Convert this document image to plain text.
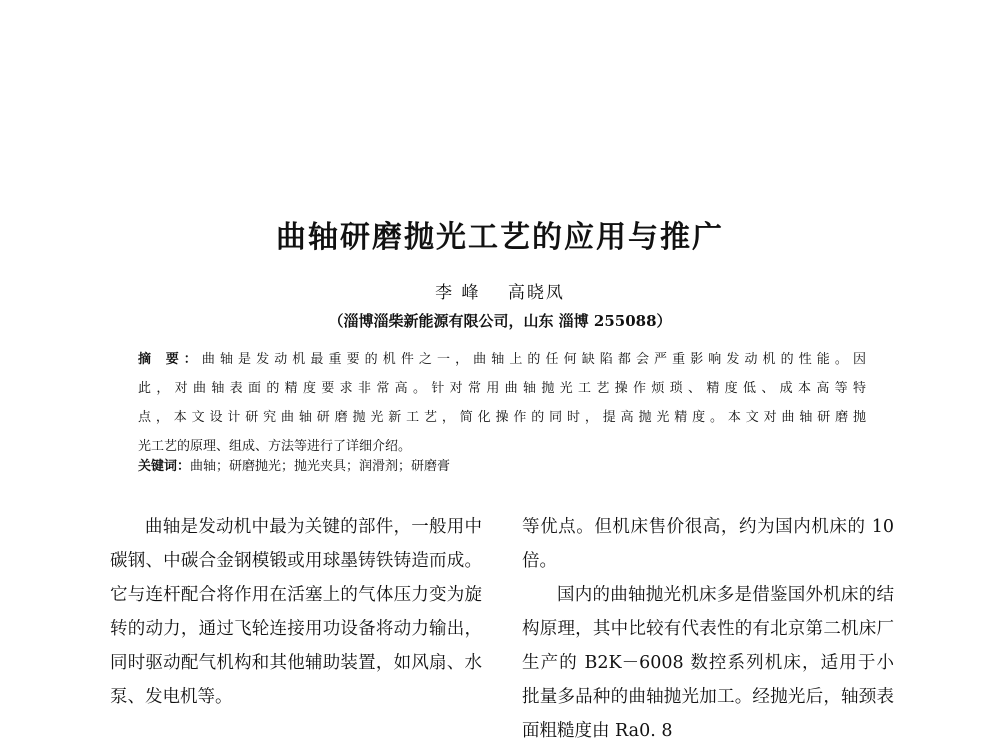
曲轴研磨抛光工艺的应用与推广
李 峰 高晓凤
（淄博淄柴新能源有限公司，山东 淄博 255088）

摘 要：曲轴是发动机最重要的机件之一，曲轴上的任何缺陷都会严重影响发动机的性能。因

此，对曲轴表面的精度要求非常高。针对常用曲轴抛光工艺操作烦琐、精度低、成本高等特

点，本文设计研究曲轴研磨抛光新工艺，简化操作的同时，提高抛光精度。本文对曲轴研磨抛

光工艺的原理、组成、方法等进行了详细介绍。

关键词：曲轴；研磨抛光；抛光夹具；润滑剂；研磨膏

曲轴是发动机中最为关键的部件，一般用中碳钢、中碳合金钢模锻或用球墨铸铁铸造而成。它与连杆配合将作用在活塞上的气体压力变为旋转的动力，通过飞轮连接用功设备将动力输出，同时驱动配气机构和其他辅助装置，如风扇、水泵、发电机等。

等优点。但机床售价很高，约为国内机床的 10 倍。

国内的曲轴抛光机床多是借鉴国外机床的结构原理，其中比较有代表性的有北京第二机床厂生产的 B2K－6008 数控系列机床，适用于小批量多品种的曲轴抛光加工。经抛光后，轴颈表面粗糙度由 Ra0. 8
